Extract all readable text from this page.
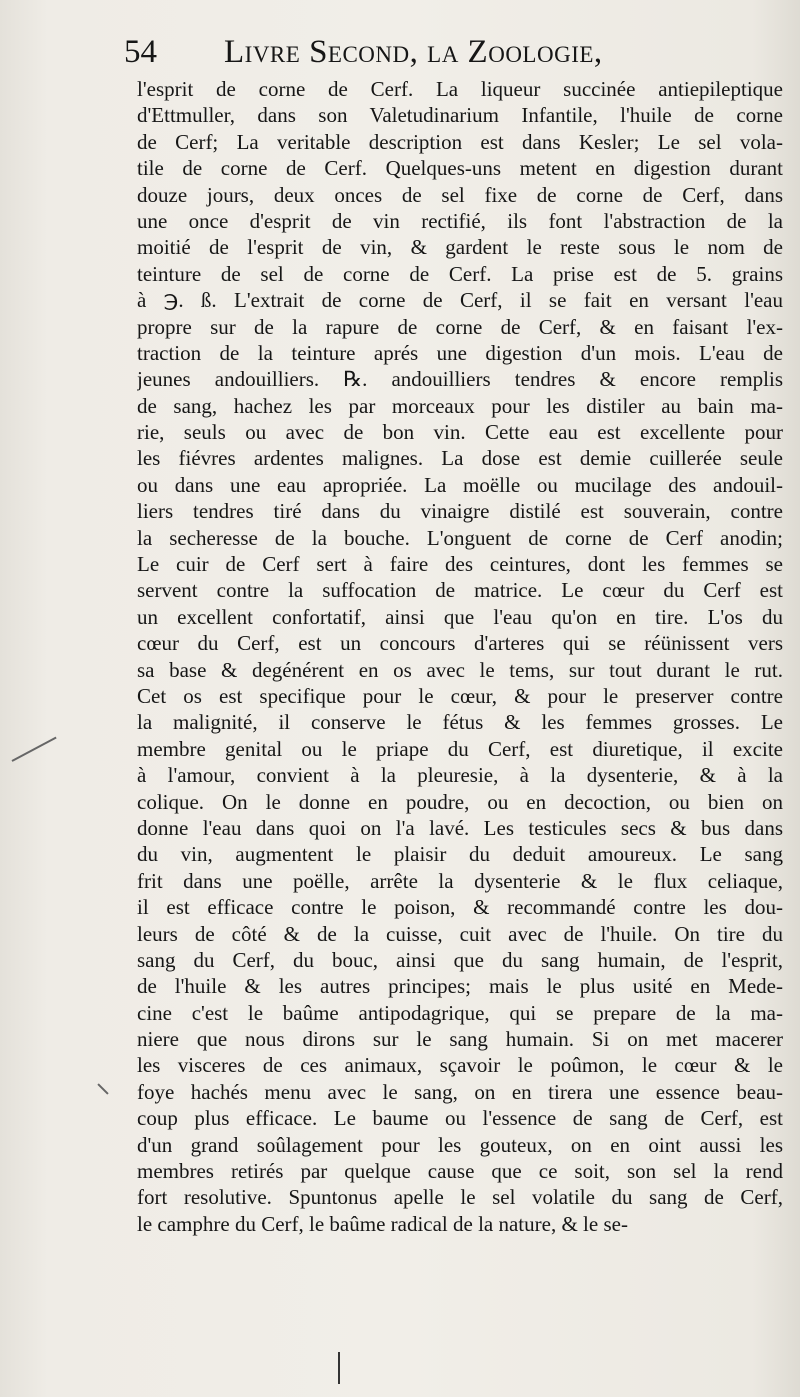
54 Livre Second, la Zoologie,
l'esprit de corne de Cerf. La liqueur succinée antiepileptique
d'Ettmuller, dans son Valetudinarium Infantile, l'huile de corne
de Cerf; La veritable description est dans Kesler; Le sel vola-
tile de corne de Cerf. Quelques-uns metent en digestion durant
douze jours, deux onces de sel fixe de corne de Cerf, dans
une once d'esprit de vin rectifié, ils font l'abstraction de la
moitié de l'esprit de vin, & gardent le reste sous le nom de
teinture de sel de corne de Cerf. La prise est de 5. grains
à ℈. ß. L'extrait de corne de Cerf, il se fait en versant l'eau
propre sur de la rapure de corne de Cerf, & en faisant l'ex-
traction de la teinture aprés une digestion d'un mois. L'eau de
jeunes andouilliers. ℞. andouilliers tendres & encore remplis
de sang, hachez les par morceaux pour les distiler au bain ma-
rie, seuls ou avec de bon vin. Cette eau est excellente pour
les fiévres ardentes malignes. La dose est demie cuillerée seule
ou dans une eau apropriée. La moëlle ou mucilage des andouil-
liers tendres tiré dans du vinaigre distilé est souverain, contre
la secheresse de la bouche. L'onguent de corne de Cerf anodin;
Le cuir de Cerf sert à faire des ceintures, dont les femmes se
servent contre la suffocation de matrice. Le cœur du Cerf est
un excellent confortatif, ainsi que l'eau qu'on en tire. L'os du
cœur du Cerf, est un concours d'arteres qui se réünissent vers
sa base & degénérent en os avec le tems, sur tout durant le rut.
Cet os est specifique pour le cœur, & pour le preserver contre
la malignité, il conserve le fétus & les femmes grosses. Le
membre genital ou le priape du Cerf, est diuretique, il excite
à l'amour, convient à la pleuresie, à la dysenterie, & à la
colique. On le donne en poudre, ou en decoction, ou bien on
donne l'eau dans quoi on l'a lavé. Les testicules secs & bus dans
du vin, augmentent le plaisir du deduit amoureux. Le sang
frit dans une poëlle, arrête la dysenterie & le flux celiaque,
il est efficace contre le poison, & recommandé contre les dou-
leurs de côté & de la cuisse, cuit avec de l'huile. On tire du
sang du Cerf, du bouc, ainsi que du sang humain, de l'esprit,
de l'huile & les autres principes; mais le plus usité en Mede-
cine c'est le baûme antipodagrique, qui se prepare de la ma-
niere que nous dirons sur le sang humain. Si on met macerer
les visceres de ces animaux, sçavoir le poûmon, le cœur & le
foye hachés menu avec le sang, on en tirera une essence beau-
coup plus efficace. Le baume ou l'essence de sang de Cerf, est
d'un grand soûlagement pour les gouteux, on en oint aussi les
membres retirés par quelque cause que ce soit, son sel la rend
fort resolutive. Spuntonus apelle le sel volatile du sang de Cerf,
le camphre du Cerf, le baûme radical de la nature, & le se-
